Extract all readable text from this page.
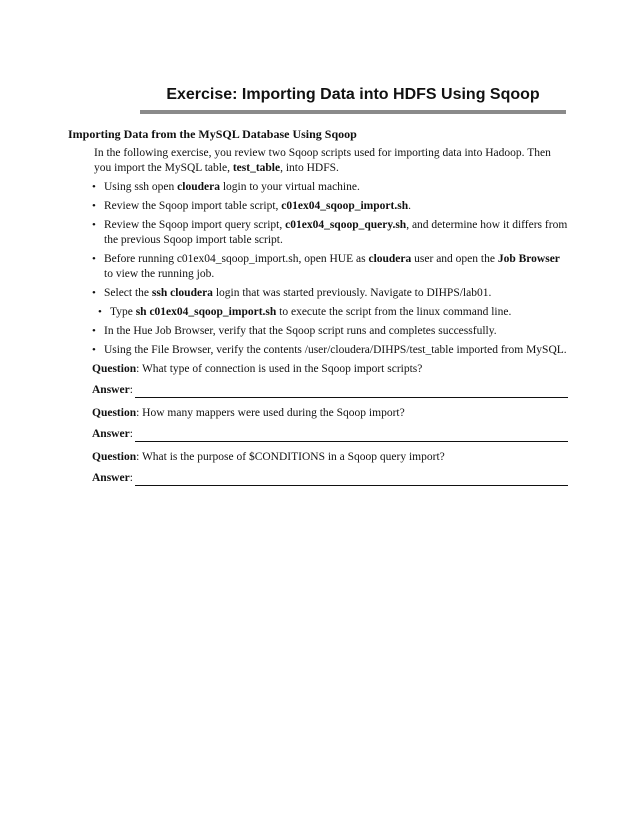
Exercise: Importing Data into HDFS Using Sqoop
Importing Data from the MySQL Database Using Sqoop

In the following exercise, you review two Sqoop scripts used for importing data into Hadoop. Then you import the MySQL table, test_table, into HDFS.

• Using ssh open cloudera login to your virtual machine.
• Review the Sqoop import table script, c01ex04_sqoop_import.sh.
• Review the Sqoop import query script, c01ex04_sqoop_query.sh, and determine how it differs from the previous Sqoop import table script.
• Before running c01ex04_sqoop_import.sh, open HUE as cloudera user and open the Job Browser to view the running job.
• Select the ssh cloudera login that was started previously. Navigate to DIHPS/lab01.
• Type sh c01ex04_sqoop_import.sh to execute the script from the linux command line.
• In the Hue Job Browser, verify that the Sqoop script runs and completes successfully.
• Using the File Browser, verify the contents /user/cloudera/DIHPS/test_table imported from MySQL.
Question: What type of connection is used in the Sqoop import scripts?
Answer :
Question: How many mappers were used during the Sqoop import?
Answer :
Question: What is the purpose of $CONDITIONS in a Sqoop query import?
Answer :
